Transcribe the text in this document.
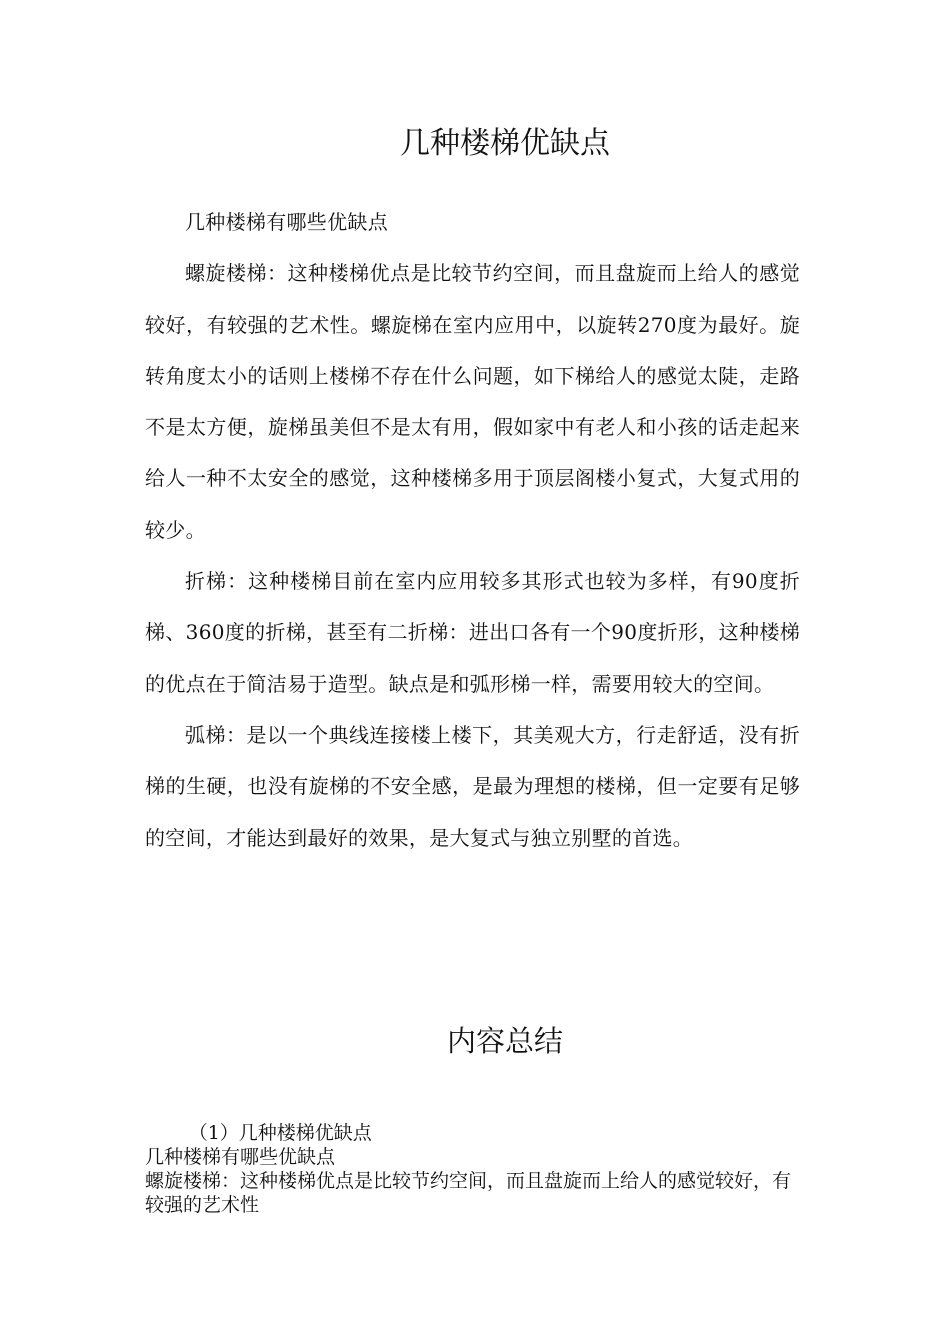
几种楼梯优缺点

几种楼梯有哪些优缺点

螺旋楼梯：这种楼梯优点是比较节约空间，而且盘旋而上给人的感觉较好，有较强的艺术性。螺旋梯在室内应用中，以旋转270度为最好。旋转角度太小的话则上楼梯不存在什么问题，如下梯给人的感觉太陡，走路不是太方便，旋梯虽美但不是太有用，假如家中有老人和小孩的话走起来给人一种不太安全的感觉，这种楼梯多用于顶层阁楼小复式，大复式用的较少。

折梯：这种楼梯目前在室内应用较多其形式也较为多样，有90度折梯、360度的折梯，甚至有二折梯：进出口各有一个90度折形，这种楼梯的优点在于简洁易于造型。缺点是和弧形梯一样，需要用较大的空间。

弧梯：是以一个典线连接楼上楼下，其美观大方，行走舒适，没有折梯的生硬，也没有旋梯的不安全感，是最为理想的楼梯，但一定要有足够的空间，才能达到最好的效果，是大复式与独立别墅的首选。

内容总结

（1）几种楼梯优缺点

几种楼梯有哪些优缺点

螺旋楼梯：这种楼梯优点是比较节约空间，而且盘旋而上给人的感觉较好，有较强的艺术性
